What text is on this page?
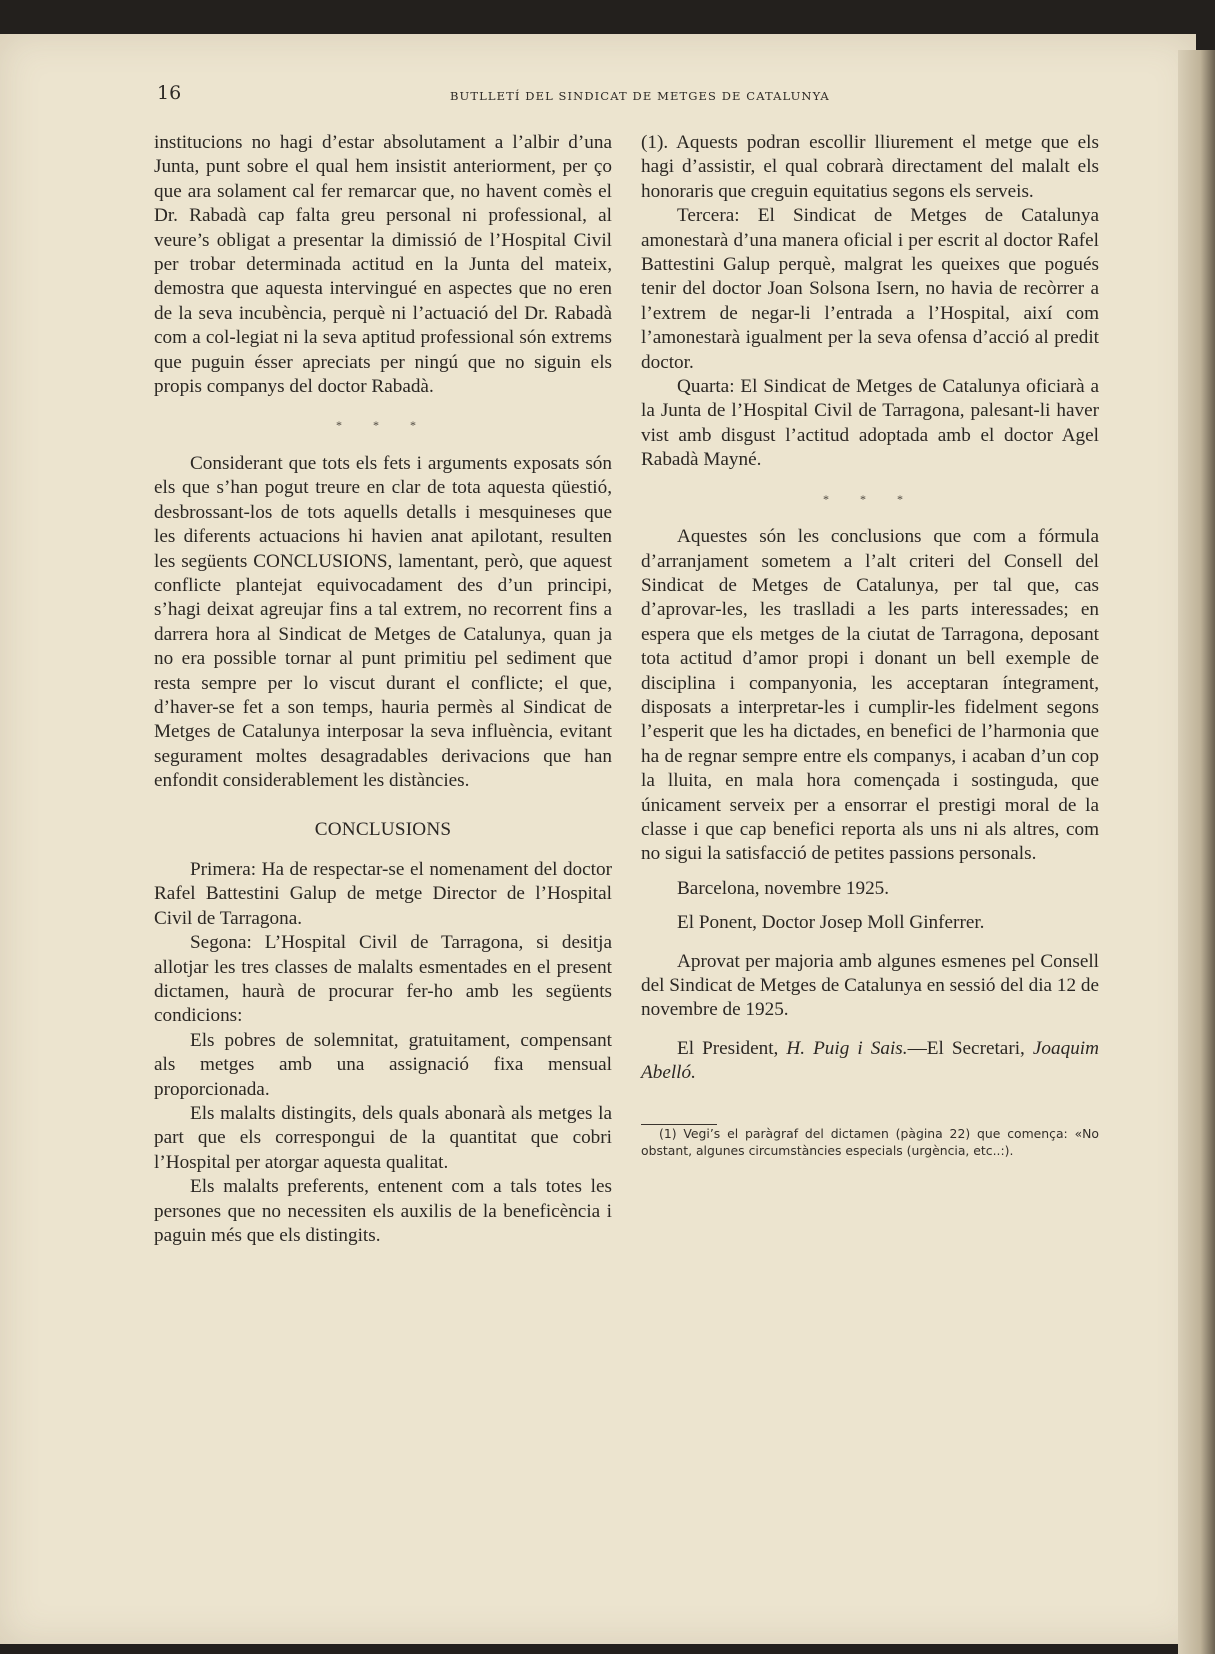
16	BUTLLETÍ DEL SINDICAT DE METGES DE CATALUNYA

institucions no hagi d’estar absolutament a l’albir d’una Junta, punt sobre el qual hem insistit anteriorment, per ço que ara solament cal fer remarcar que, no havent comès el Dr. Rabadà cap falta greu personal ni professional, al veure’s obligat a presentar la dimissió de l’Hospital Civil per trobar determinada actitud en la Junta del mateix, demostra que aquesta intervingué en aspectes que no eren de la seva incubència, perquè ni l’actuació del Dr. Rabadà com a col-legiat ni la seva aptitud professional són extrems que puguin ésser apreciats per ningú que no siguin els propis companys del doctor Rabadà.

* * *

Considerant que tots els fets i arguments exposats són els que s’han pogut treure en clar de tota aquesta qüestió, desbrossant-los de tots aquells detalls i mesquineses que les diferents actuacions hi havien anat apilotant, resulten les següents CONCLUSIONS, lamentant, però, que aquest conflicte plantejat equivocadament des d’un principi, s’hagi deixat agreujar fins a tal extrem, no recorrent fins a darrera hora al Sindicat de Metges de Catalunya, quan ja no era possible tornar al punt primitiu pel sediment que resta sempre per lo viscut durant el conflicte; el que, d’haver-se fet a son temps, hauria permès al Sindicat de Metges de Catalunya interposar la seva influència, evitant segurament moltes desagradables derivacions que han enfondit considerablement les distàncies.

CONCLUSIONS

Primera: Ha de respectar-se el nomenament del doctor Rafel Battestini Galup de metge Director de l’Hospital Civil de Tarragona.

Segona: L’Hospital Civil de Tarragona, si desitja allotjar les tres classes de malalts esmentades en el present dictamen, haurà de procurar fer-ho amb les següents condicions:

Els pobres de solemnitat, gratuitament, compensant als metges amb una assignació fixa mensual proporcionada.

Els malalts distingits, dels quals abonarà als metges la part que els correspongui de la quantitat que cobri l’Hospital per atorgar aquesta qualitat.

Els malalts preferents, entenent com a tals totes les persones que no necessiten els auxilis de la beneficència i paguin més que els distingits.

(1). Aquests podran escollir lliurement el metge que els hagi d’assistir, el qual cobrarà directament del malalt els honoraris que creguin equitatius segons els serveis.

Tercera: El Sindicat de Metges de Catalunya amonestarà d’una manera oficial i per escrit al doctor Rafel Battestini Galup perquè, malgrat les queixes que pogués tenir del doctor Joan Solsona Isern, no havia de recòrrer a l’extrem de negar-li l’entrada a l’Hospital, així com l’amonestarà igualment per la seva ofensa d’acció al predit doctor.

Quarta: El Sindicat de Metges de Catalunya oficiarà a la Junta de l’Hospital Civil de Tarragona, palesant-li haver vist amb disgust l’actitud adoptada amb el doctor Agel Rabadà Mayné.

* * *

Aquestes són les conclusions que com a fórmula d’arranjament sometem a l’alt criteri del Consell del Sindicat de Metges de Catalunya, per tal que, cas d’aprovar-les, les traslladi a les parts interessades; en espera que els metges de la ciutat de Tarragona, deposant tota actitud d’amor propi i donant un bell exemple de disciplina i companyonia, les acceptaran íntegrament, disposats a interpretar-les i cumplir-les fidelment segons l’esperit que les ha dictades, en benefici de l’harmonia que ha de regnar sempre entre els companys, i acaban d’un cop la lluita, en mala hora començada i sostinguda, que únicament serveix per a ensorrar el prestigi moral de la classe i que cap benefici reporta als uns ni als altres, com no sigui la satisfacció de petites passions personals.

Barcelona, novembre 1925.

El Ponent, Doctor Josep Moll Ginferrer.

Aprovat per majoria amb algunes esmenes pel Consell del Sindicat de Metges de Catalunya en sessió del dia 12 de novembre de 1925.

El President, H. Puig i Sais.—El Secretari, Joaquim Abelló.

(1) Vegi’s el paràgraf del dictamen (pàgina 22) que comença: «No obstant, algunes circumstàncies especials (urgència, etc..:).
